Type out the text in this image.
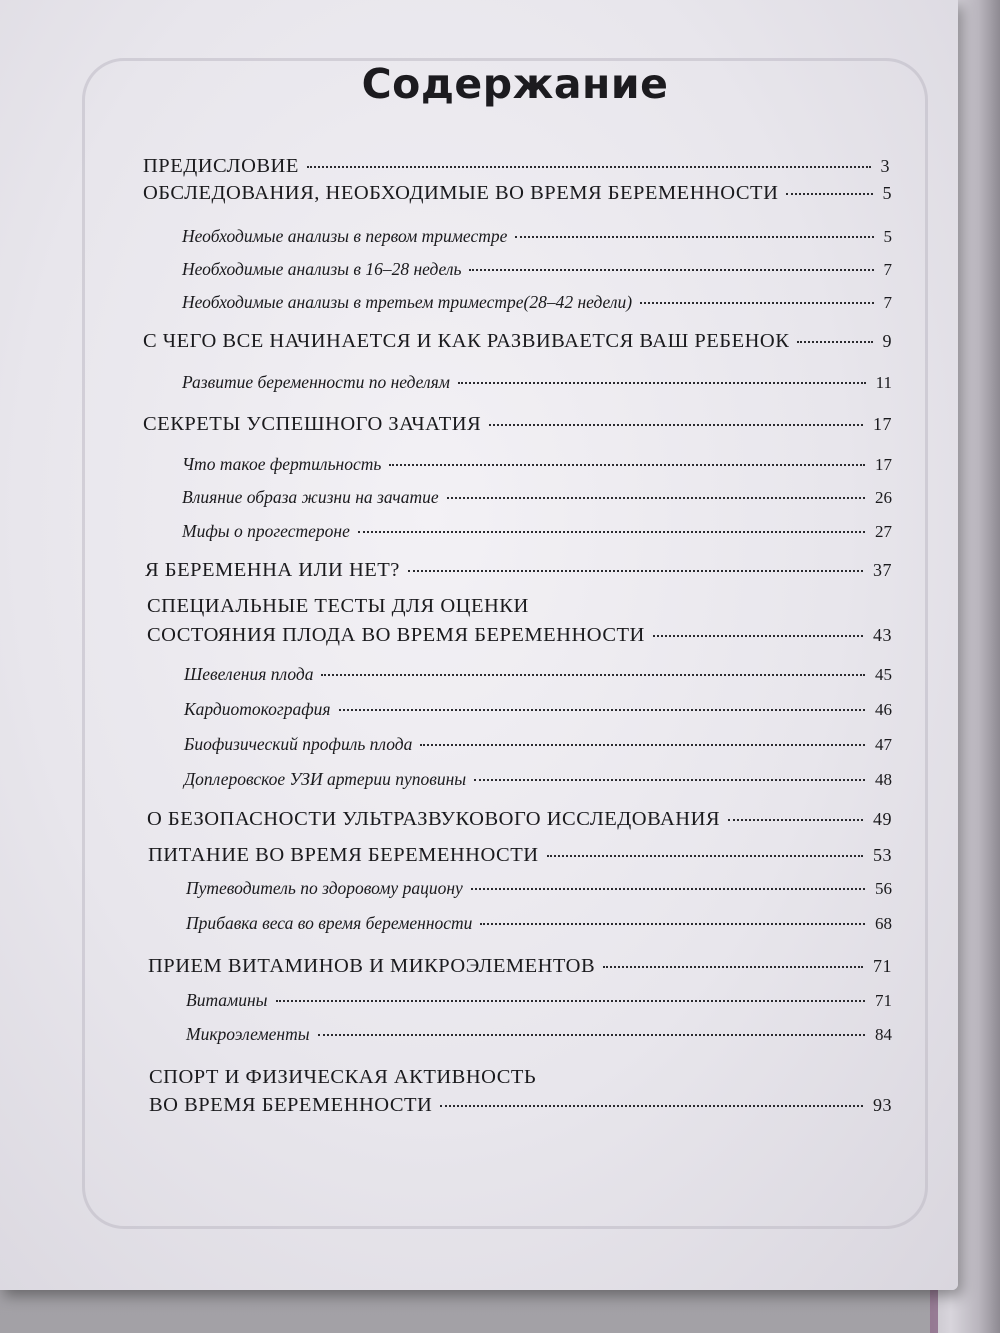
Содержание
ПРЕДИСЛОВИЕ	3
ОБСЛЕДОВАНИЯ, НЕОБХОДИМЫЕ ВО ВРЕМЯ БЕРЕМЕННОСТИ	5
Необходимые анализы в первом триместре	5
Необходимые анализы в 16–28 недель	7
Необходимые анализы в третьем триместре(28–42 недели)	7
С ЧЕГО ВСЕ НАЧИНАЕТСЯ И КАК РАЗВИВАЕТСЯ ВАШ РЕБЕНОК	9
Развитие беременности по неделям	11
СЕКРЕТЫ УСПЕШНОГО ЗАЧАТИЯ	17
Что такое фертильность	17
Влияние образа жизни на зачатие	26
Мифы о прогестероне	27
Я БЕРЕМЕННА ИЛИ НЕТ?	37
СПЕЦИАЛЬНЫЕ ТЕСТЫ ДЛЯ ОЦЕНКИ
СОСТОЯНИЯ ПЛОДА ВО ВРЕМЯ БЕРЕМЕННОСТИ	43
Шевеления плода	45
Кардиотокография	46
Биофизический профиль плода	47
Доплеровское УЗИ артерии пуповины	48
О БЕЗОПАСНОСТИ УЛЬТРАЗВУКОВОГО ИССЛЕДОВАНИЯ	49
ПИТАНИЕ ВО ВРЕМЯ БЕРЕМЕННОСТИ	53
Путеводитель по здоровому рациону	56
Прибавка веса во время беременности	68
ПРИЕМ ВИТАМИНОВ И МИКРОЭЛЕМЕНТОВ	71
Витамины	71
Микроэлементы	84
СПОРТ И ФИЗИЧЕСКАЯ АКТИВНОСТЬ
ВО ВРЕМЯ БЕРЕМЕННОСТИ	93
